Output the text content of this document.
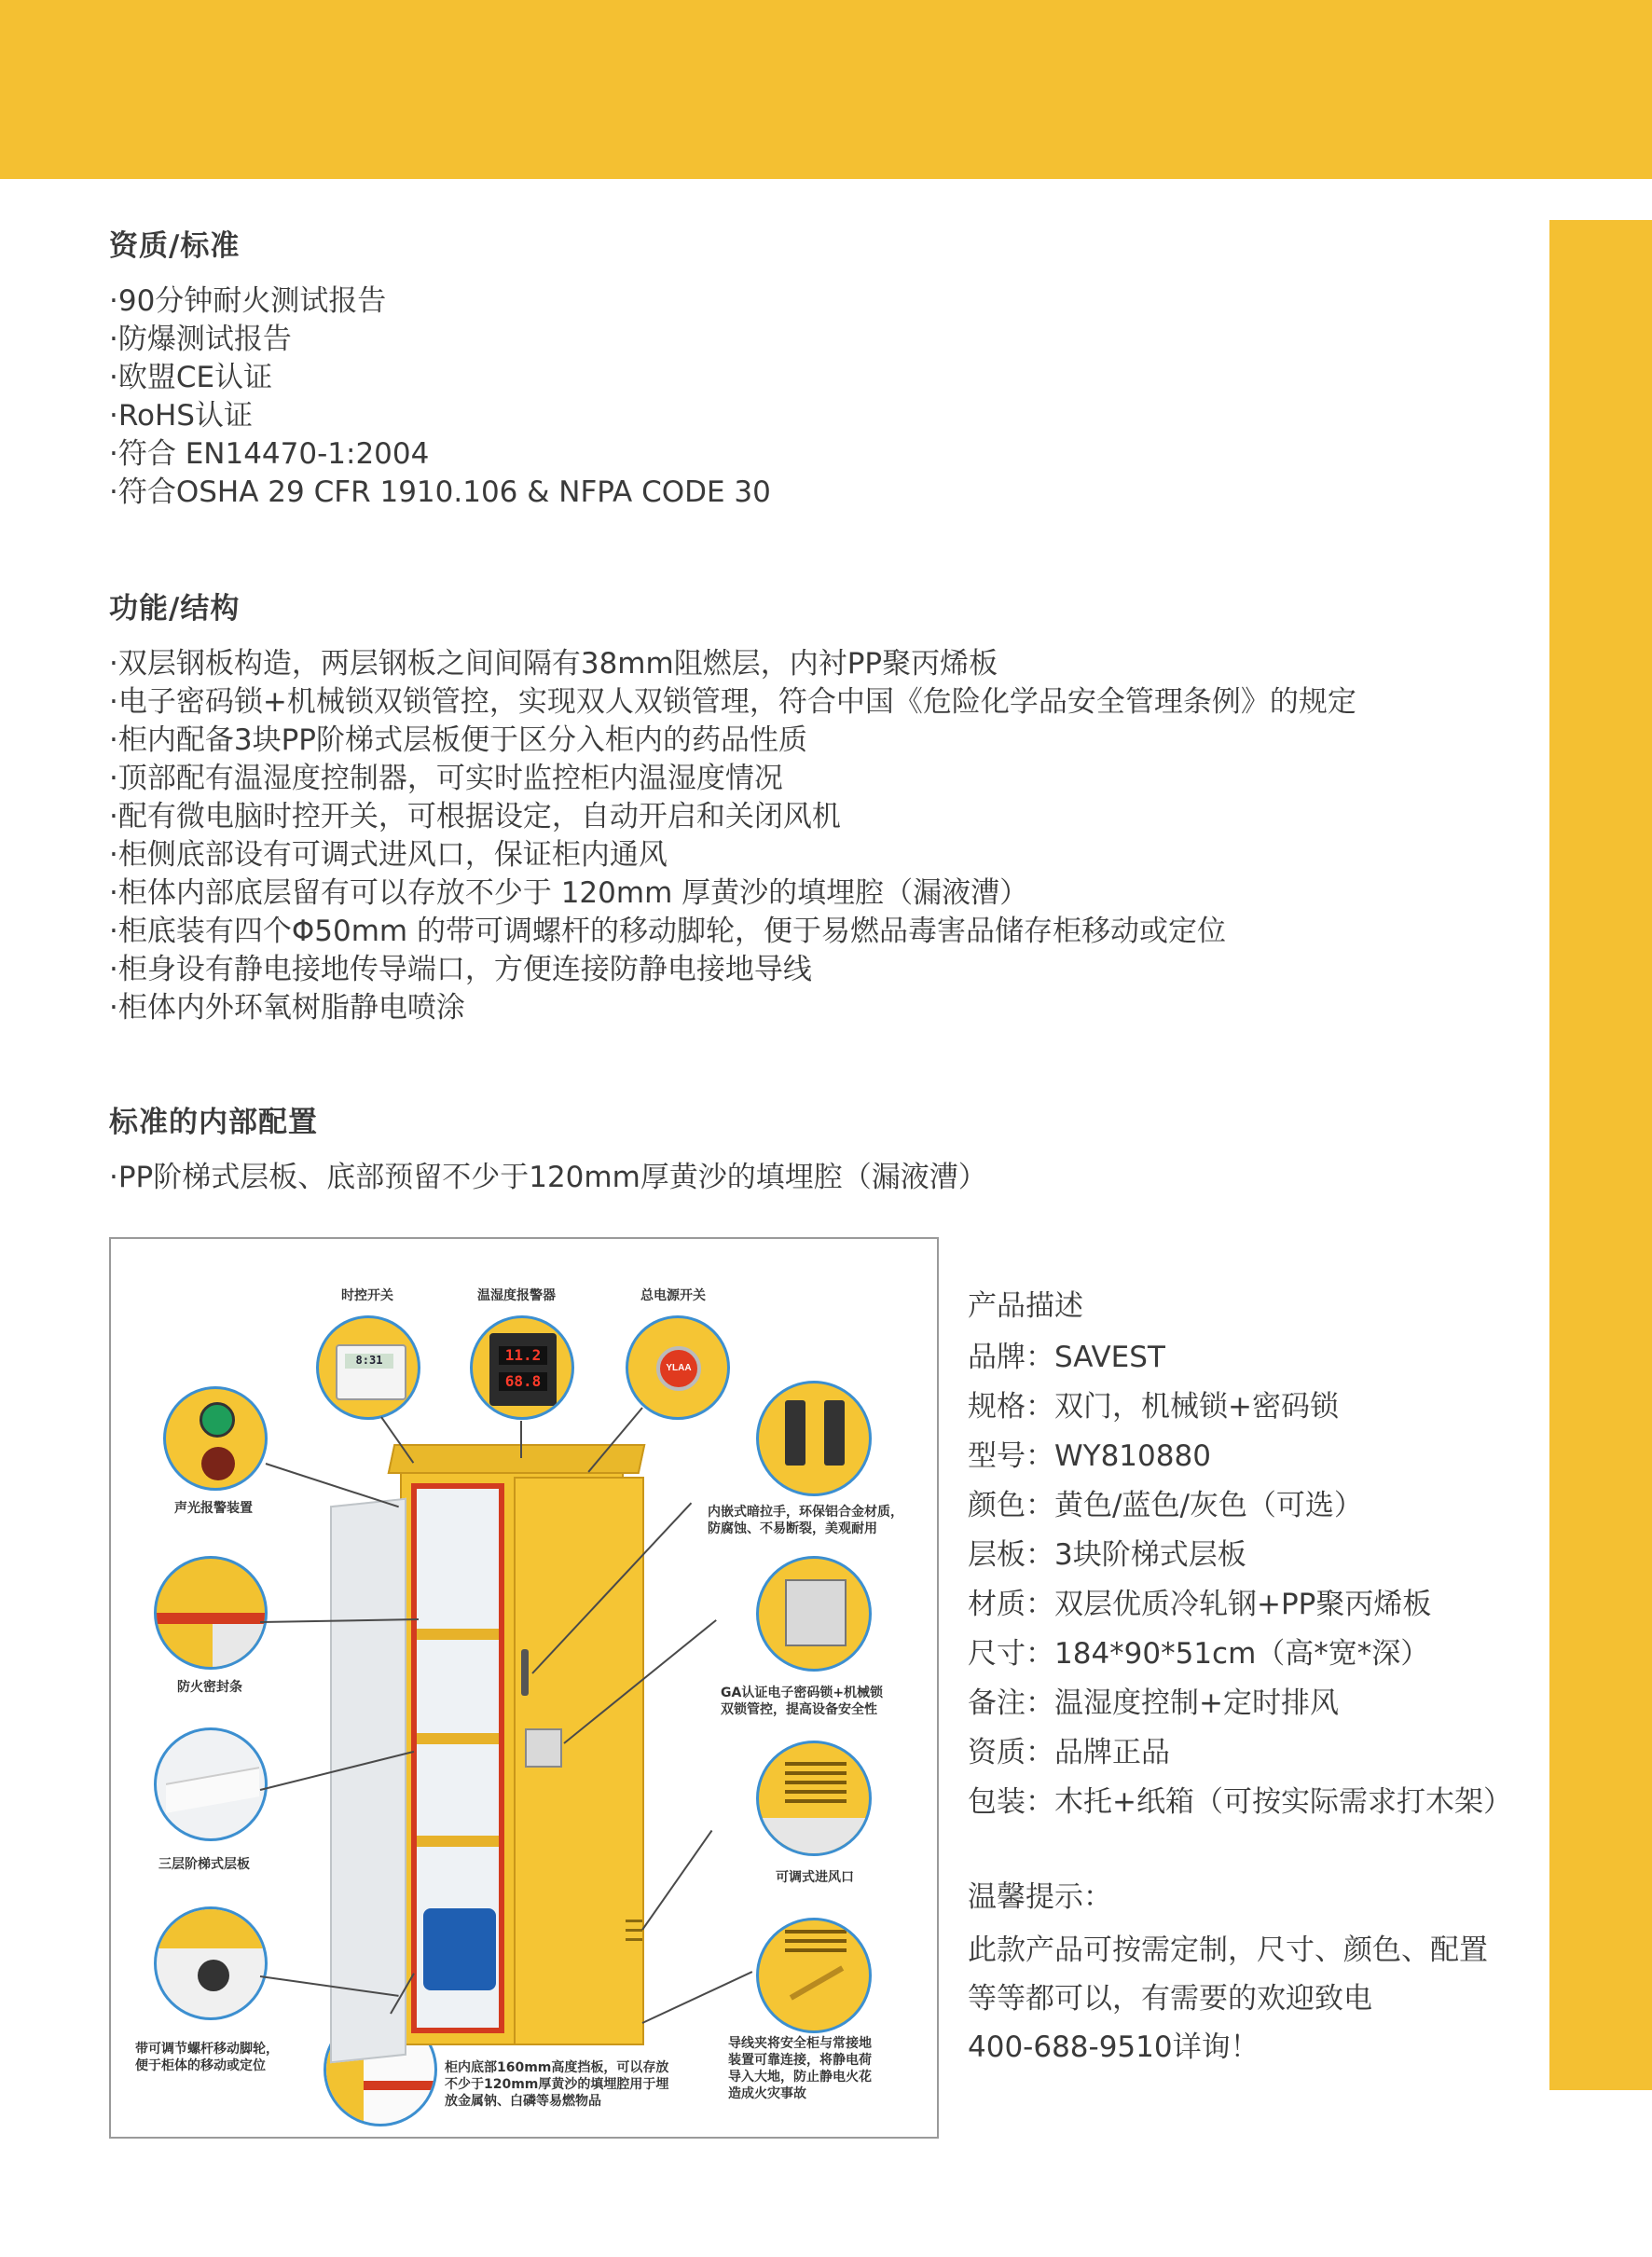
资质/标准
·90分钟耐火测试报告
·防爆测试报告
·欧盟CE认证
·RoHS认证
·符合 EN14470-1:2004
·符合OSHA 29 CFR 1910.106 & NFPA CODE 30
功能/结构
·双层钢板构造，两层钢板之间间隔有38mm阻燃层，内衬PP聚丙烯板
·电子密码锁+机械锁双锁管控，实现双人双锁管理，符合中国《危险化学品安全管理条例》的规定
·柜内配备3块PP阶梯式层板便于区分入柜内的药品性质
·顶部配有温湿度控制器，可实时监控柜内温湿度情况
·配有微电脑时控开关，可根据设定，自动开启和关闭风机
·柜侧底部设有可调式进风口，保证柜内通风
·柜体内部底层留有可以存放不少于 120mm 厚黄沙的填埋腔（漏液漕）
·柜底装有四个Φ50mm 的带可调螺杆的移动脚轮，便于易燃品毒害品储存柜移动或定位
·柜身设有静电接地传导端口，方便连接防静电接地导线
·柜体内外环氧树脂静电喷涂
标准的内部配置
·PP阶梯式层板、底部预留不少于120mm厚黄沙的填埋腔（漏液漕）
时控开关	温湿度报警器	总电源开关
8:31	11.2
68.8
YLAA
声光报警装置
防火密封条
三层阶梯式层板
带可调节螺杆移动脚轮，
便于柜体的移动或定位	柜内底部160mm高度挡板，可以存放
不少于120mm厚黄沙的填埋腔用于埋
放金属钠、白磷等易燃物品
内嵌式暗拉手，环保铝合金材质，
防腐蚀、不易断裂，美观耐用
GA认证电子密码锁+机械锁
双锁管控，提高设备安全性
可调式进风口
导线夹将安全柜与常接地
装置可靠连接，将静电荷
导入大地，防止静电火花
造成火灾事故
产品描述
品牌：SAVEST
规格：双门，机械锁+密码锁
型号：WY810880
颜色：黄色/蓝色/灰色（可选）
层板：3块阶梯式层板
材质：双层优质冷轧钢+PP聚丙烯板
尺寸：184*90*51cm（高*宽*深）
备注：温湿度控制+定时排风
资质：品牌正品
包装：木托+纸箱（可按实际需求打木架）
温馨提示：
此款产品可按需定制，尺寸、颜色、配置
等等都可以，有需要的欢迎致电
400-688-9510详询！
